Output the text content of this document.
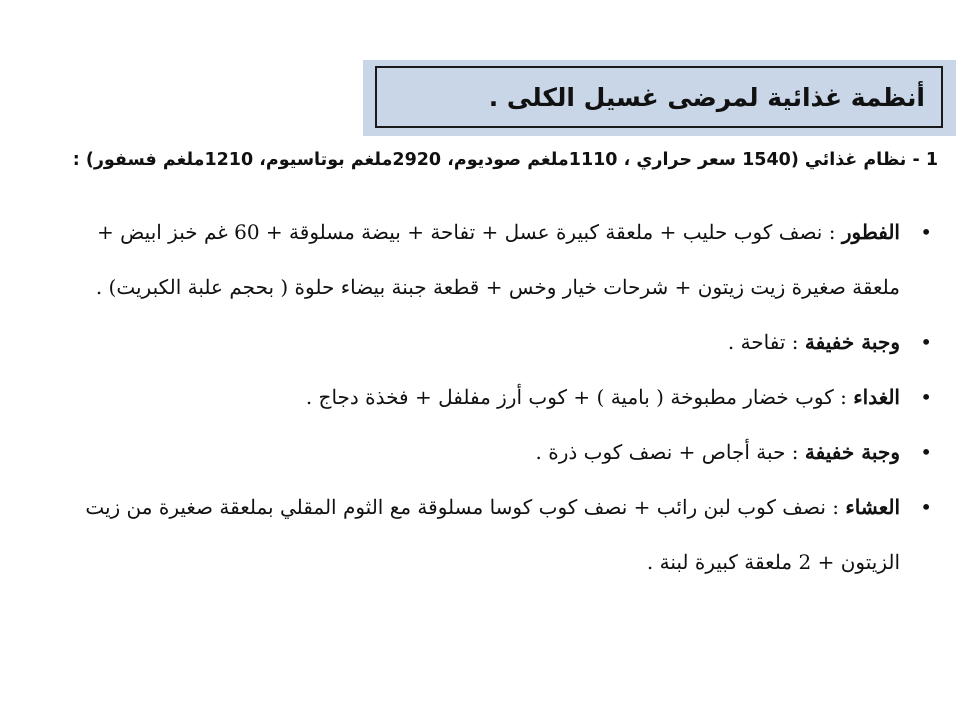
أنظمة غذائية لمرضى غسيل الكلى .
1 - نظام غذائي (1540 سعر حراري ، 1110ملغم صوديوم، 2920ملغم بوتاسيوم، 1210ملغم فسفور) :
•
الفطور : نصف كوب حليب + ملعقة كبيرة عسل + تفاحة + بيضة مسلوقة + 60 غم خبز ابيض + ملعقة صغيرة زيت زيتون + شرحات خيار وخس + قطعة جبنة بيضاء حلوة ( بحجم علبة الكبريت) .
•
وجبة خفيفة : تفاحة .
•
الغداء : كوب خضار مطبوخة ( بامية ) + كوب أرز مفلفل + فخذة دجاج .
•
وجبة خفيفة : حبة أجاص + نصف كوب ذرة .
•
العشاء : نصف كوب لبن رائب + نصف كوب كوسا مسلوقة مع الثوم المقلي بملعقة صغيرة من زيت الزيتون + 2 ملعقة كبيرة لبنة .
